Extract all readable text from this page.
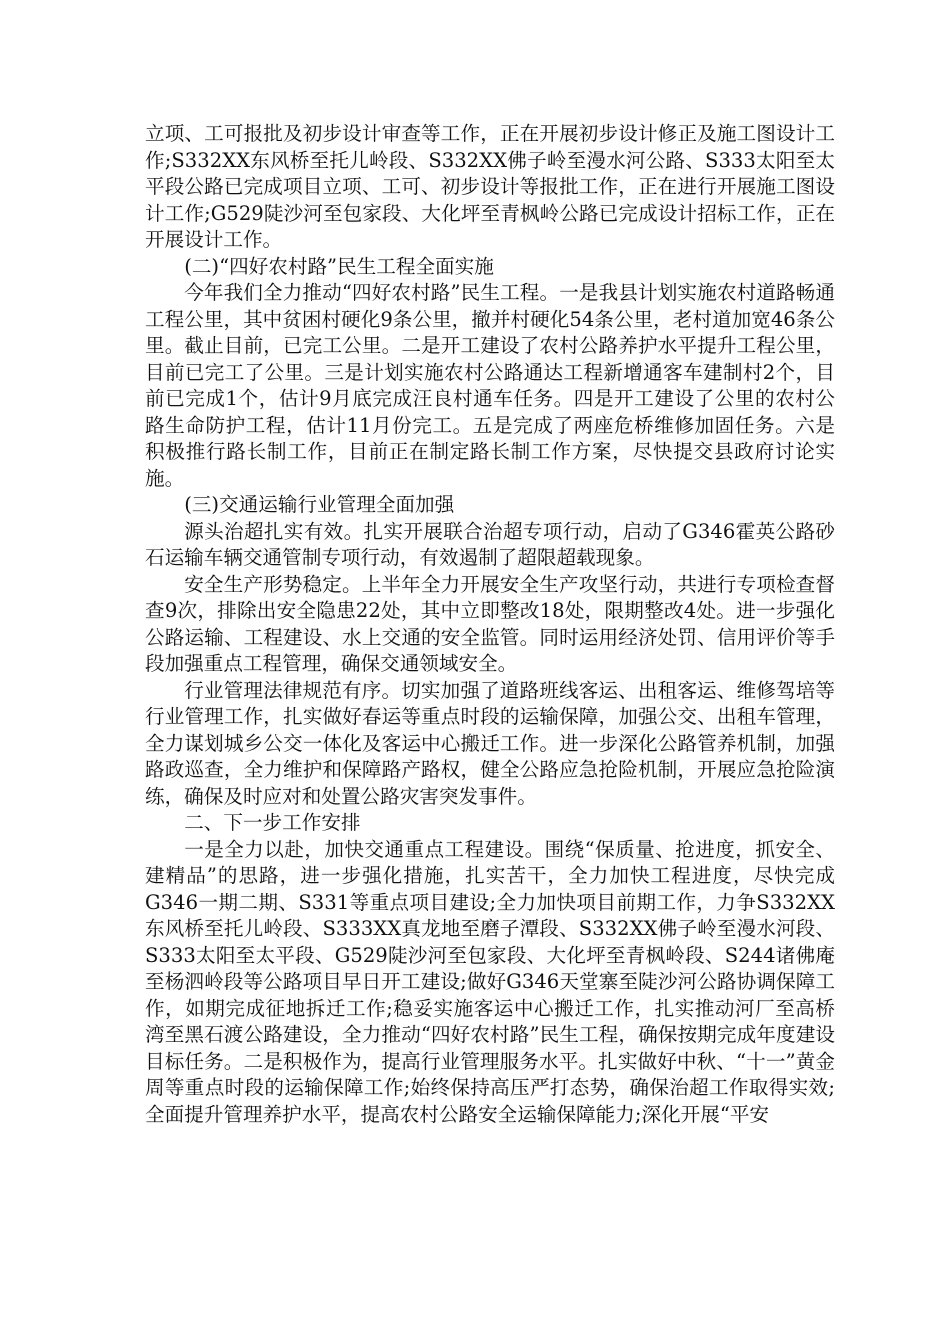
立项、工可报批及初步设计审查等工作，正在开展初步设计修正及施工图设计工作;S332XX东风桥至托儿岭段、S332XX佛子岭至漫水河公路、S333太阳至太平段公路已完成项目立项、工可、初步设计等报批工作，正在进行开展施工图设计工作;G529陡沙河至包家段、大化坪至青枫岭公路已完成设计招标工作，正在开展设计工作。

(二)“四好农村路”民生工程全面实施

今年我们全力推动“四好农村路”民生工程。一是我县计划实施农村道路畅通工程公里，其中贫困村硬化9条公里，撤并村硬化54条公里，老村道加宽46条公里。截止目前，已完工公里。二是开工建设了农村公路养护水平提升工程公里，目前已完工了公里。三是计划实施农村公路通达工程新增通客车建制村2个，目前已完成1个，估计9月底完成汪良村通车任务。四是开工建设了公里的农村公路生命防护工程，估计11月份完工。五是完成了两座危桥维修加固任务。六是积极推行路长制工作，目前正在制定路长制工作方案，尽快提交县政府讨论实施。

(三)交通运输行业管理全面加强

源头治超扎实有效。扎实开展联合治超专项行动，启动了G346霍英公路砂石运输车辆交通管制专项行动，有效遏制了超限超载现象。

安全生产形势稳定。上半年全力开展安全生产攻坚行动，共进行专项检查督查9次，排除出安全隐患22处，其中立即整改18处，限期整改4处。进一步强化公路运输、工程建设、水上交通的安全监管。同时运用经济处罚、信用评价等手段加强重点工程管理，确保交通领域安全。

行业管理法律规范有序。切实加强了道路班线客运、出租客运、维修驾培等行业管理工作，扎实做好春运等重点时段的运输保障，加强公交、出租车管理，全力谋划城乡公交一体化及客运中心搬迁工作。进一步深化公路管养机制，加强路政巡查，全力维护和保障路产路权，健全公路应急抢险机制，开展应急抢险演练，确保及时应对和处置公路灾害突发事件。

二、下一步工作安排

一是全力以赴，加快交通重点工程建设。围绕“保质量、抢进度，抓安全、建精品”的思路，进一步强化措施，扎实苦干，全力加快工程进度，尽快完成G346一期二期、S331等重点项目建设;全力加快项目前期工作，力争S332XX东风桥至托儿岭段、S333XX真龙地至磨子潭段、S332XX佛子岭至漫水河段、S333太阳至太平段、G529陡沙河至包家段、大化坪至青枫岭段、S244诸佛庵至杨泗岭段等公路项目早日开工建设;做好G346天堂寨至陡沙河公路协调保障工作，如期完成征地拆迁工作;稳妥实施客运中心搬迁工作，扎实推动河厂至高桥湾至黑石渡公路建设，全力推动“四好农村路”民生工程，确保按期完成年度建设目标任务。二是积极作为，提高行业管理服务水平。扎实做好中秋、“十一”黄金周等重点时段的运输保障工作;始终保持高压严打态势，确保治超工作取得实效;全面提升管理养护水平，提高农村公路安全运输保障能力;深化开展“平安
